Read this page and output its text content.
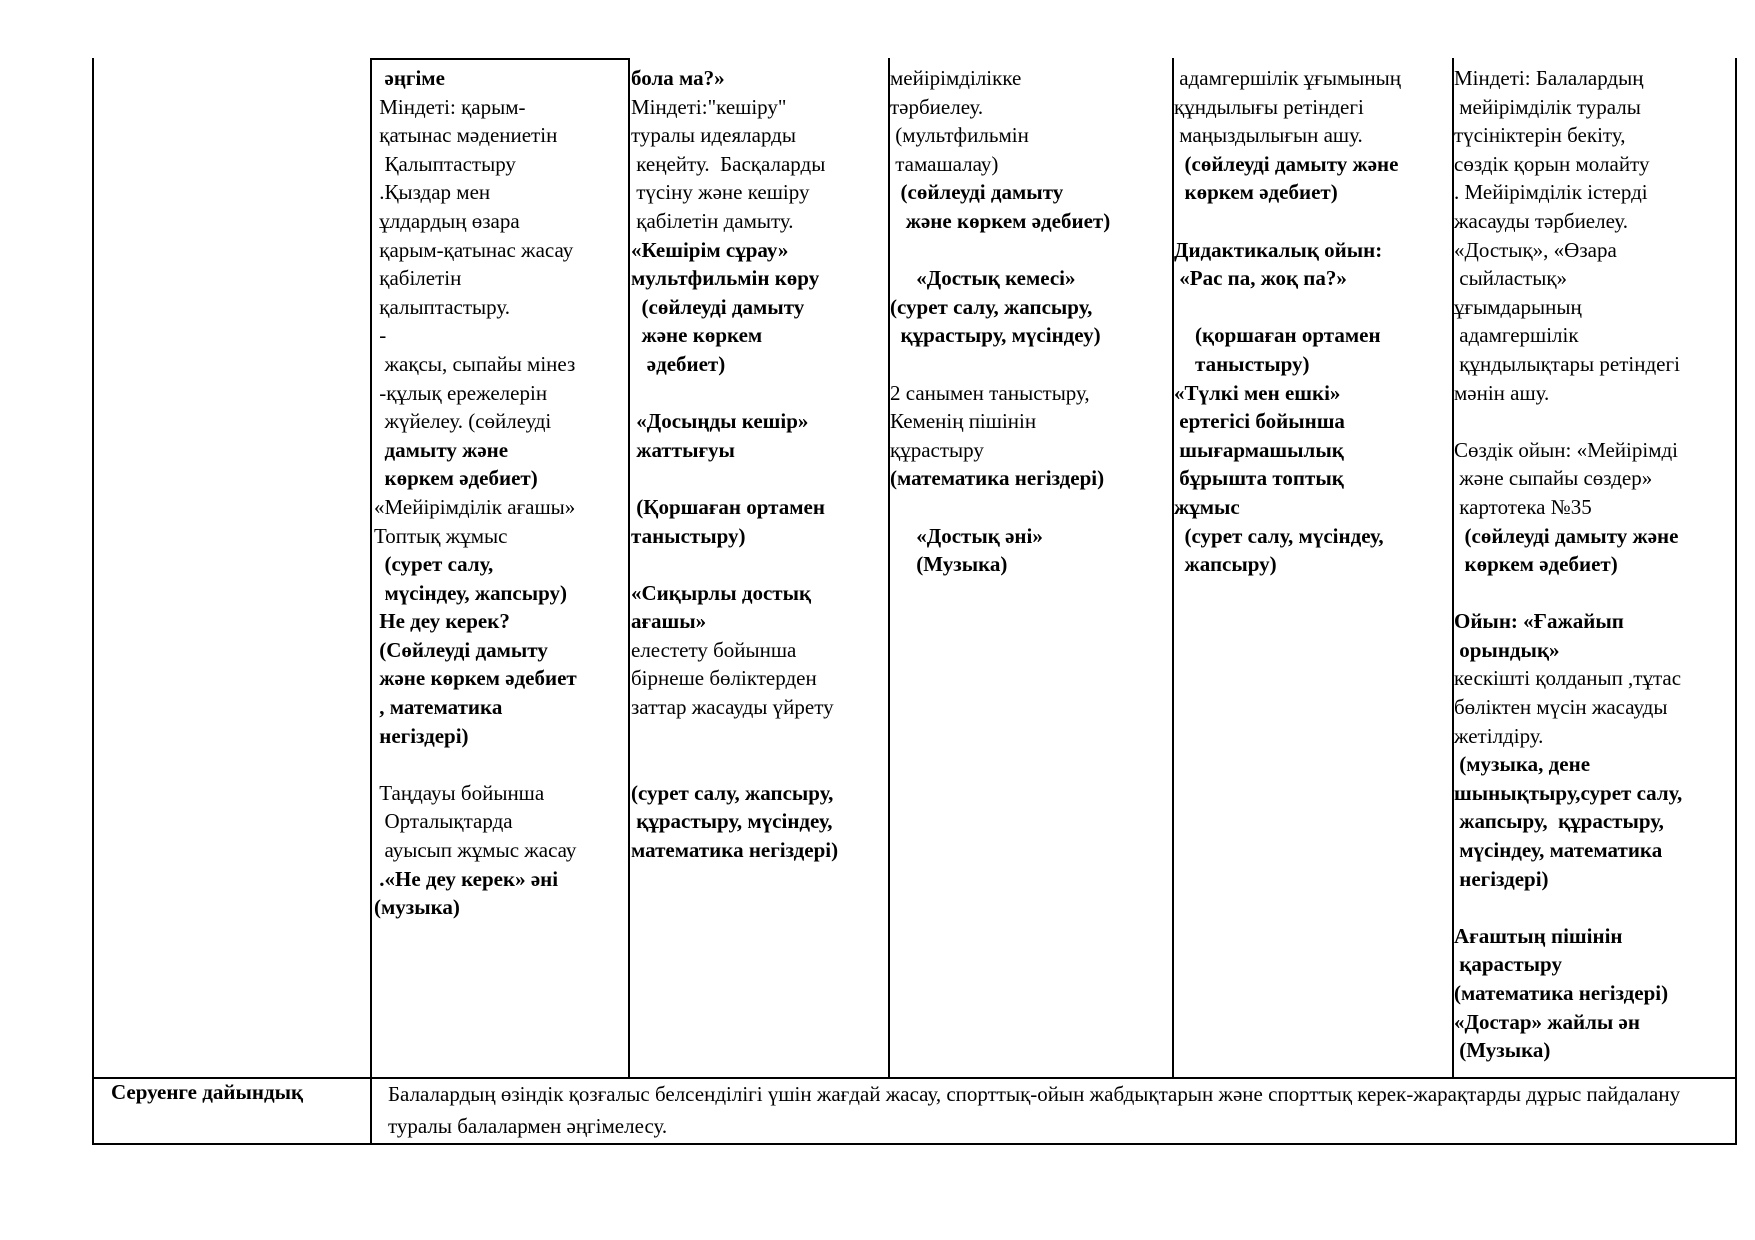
әңгіме
Міндеті: қарым-
қатынас мәдениетін
Қалыптастыру
.Қыздар мен
ұлдардың өзара
қарым-қатынас жасау
қабілетін
қалыптастыру.
-
жақсы, сыпайы мінез
-құлық ережелерін
жүйелеу. (сөйлеуді
дамыту және
көркем әдебиет)
«Мейірімділік ағашы»
Топтық жұмыс
(сурет салу,
мүсіндеу, жапсыру)
Не деу керек?
(Сөйлеуді дамыту
және көркем әдебиет
, математика
негіздері)

Таңдауы бойынша
Орталықтарда
ауысып жұмыс жасау
.«Не деу керек» әні
(музыка)
бола ма?»
Міндеті:"кешіру"
туралы идеяларды
кеңейту.  Басқаларды
түсіну және кешіру
қабілетін дамыту.
«Кешірім сұрау»
мультфильмін көру
(сөйлеуді дамыту
және көркем
әдебиет)

«Досыңды кешір»
жаттығуы

(Қоршаған ортамен
таныстыру)

«Сиқырлы достық
ағашы»
елестету бойынша
бірнеше бөліктерден
заттар жасауды үйрету

(сурет салу, жапсыру,
құрастыру, мүсіндеу,
математика негіздері)
мейірімділікке
тәрбиелеу.
(мультфильмін
тамашалау)
(сөйлеуді дамыту
және көркем әдебиет)

«Достық кемесі»
(сурет салу, жапсыру,
құрастыру, мүсіндеу)

2 санымен таныстыру,
Кеменің пішінін
құрастыру
(математика негіздері)

«Достық әні»
(Музыка)
адамгершілік ұғымының
құндылығы ретіндегі
маңыздылығын ашу.
(сөйлеуді дамыту және
көркем әдебиет)

Дидактикалық ойын:
«Рас па, жоқ па?»

(қоршаған ортамен
таныстыру)
«Түлкі мен ешкі»
ертегісі бойынша
шығармашылық
бұрышта топтық
жұмыс
(сурет салу, мүсіндеу,
жапсыру)
Міндеті: Балалардың
мейірімділік туралы
түсініктерін бекіту,
сөздік қорын молайту
. Мейірімділік істерді
жасауды тәрбиелеу.
«Достық», «Өзара
сыйластық»
ұғымдарының
адамгершілік
құндылықтары ретіндегі
мәнін ашу.

Сөздік ойын: «Мейірімді
және сыпайы сөздер»
картотека №35
(сөйлеуді дамыту және
көркем әдебиет)

Ойын: «Ғажайып
орындық»
кескішті қолданып ,тұтас
бөліктен мүсін жасауды
жетілдіру.
(музыка, дене
шынықтыру,сурет салу,
жапсыру,  құрастыру,
мүсіндеу, математика
негіздері)

Ағаштың пішінін
қарастыру
(математика негіздері)
«Достар» жайлы ән
(Музыка)
Серуенге дайындық	Балалардың өзіндік қозғалыс белсенділігі үшін жағдай жасау, спорттық-ойын жабдықтарын және спорттық керек-жарақтарды дұрыс пайдалану туралы балалармен әңгімелесу.
